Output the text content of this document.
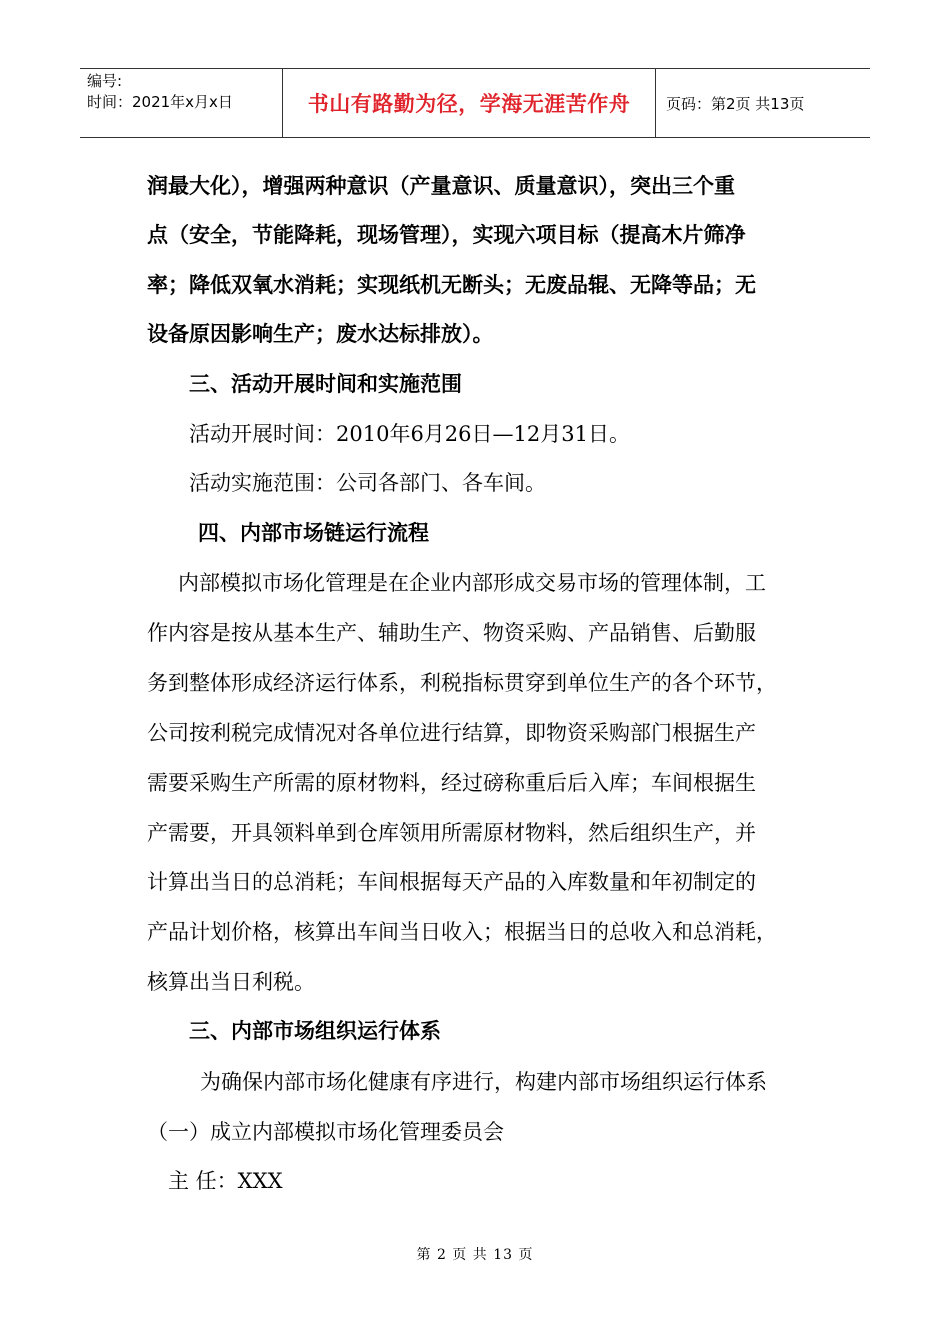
编号:
时间：2021年x月x日	书山有路勤为径，学海无涯苦作舟	页码：第2页 共13页
润最大化），增强两种意识（产量意识、质量意识），突出三个重
点（安全，节能降耗，现场管理），实现六项目标（提高木片筛净
率；降低双氧水消耗；实现纸机无断头；无废品辊、无降等品；无
设备原因影响生产；废水达标排放）。
三、活动开展时间和实施范围
活动开展时间：2010年6月26日—12月31日。
活动实施范围：公司各部门、各车间。
四、内部市场链运行流程
内部模拟市场化管理是在企业内部形成交易市场的管理体制，工
作内容是按从基本生产、辅助生产、物资采购、产品销售、后勤服
务到整体形成经济运行体系，利税指标贯穿到单位生产的各个环节，
公司按利税完成情况对各单位进行结算，即物资采购部门根据生产
需要采购生产所需的原材物料，经过磅称重后后入库；车间根据生
产需要，开具领料单到仓库领用所需原材物料，然后组织生产，并
计算出当日的总消耗；车间根据每天产品的入库数量和年初制定的
产品计划价格，核算出车间当日收入；根据当日的总收入和总消耗，
核算出当日利税。
三、内部市场组织运行体系
为确保内部市场化健康有序进行，构建内部市场组织运行体系
（一）成立内部模拟市场化管理委员会
主 任：XXX
第 2 页 共 13 页
